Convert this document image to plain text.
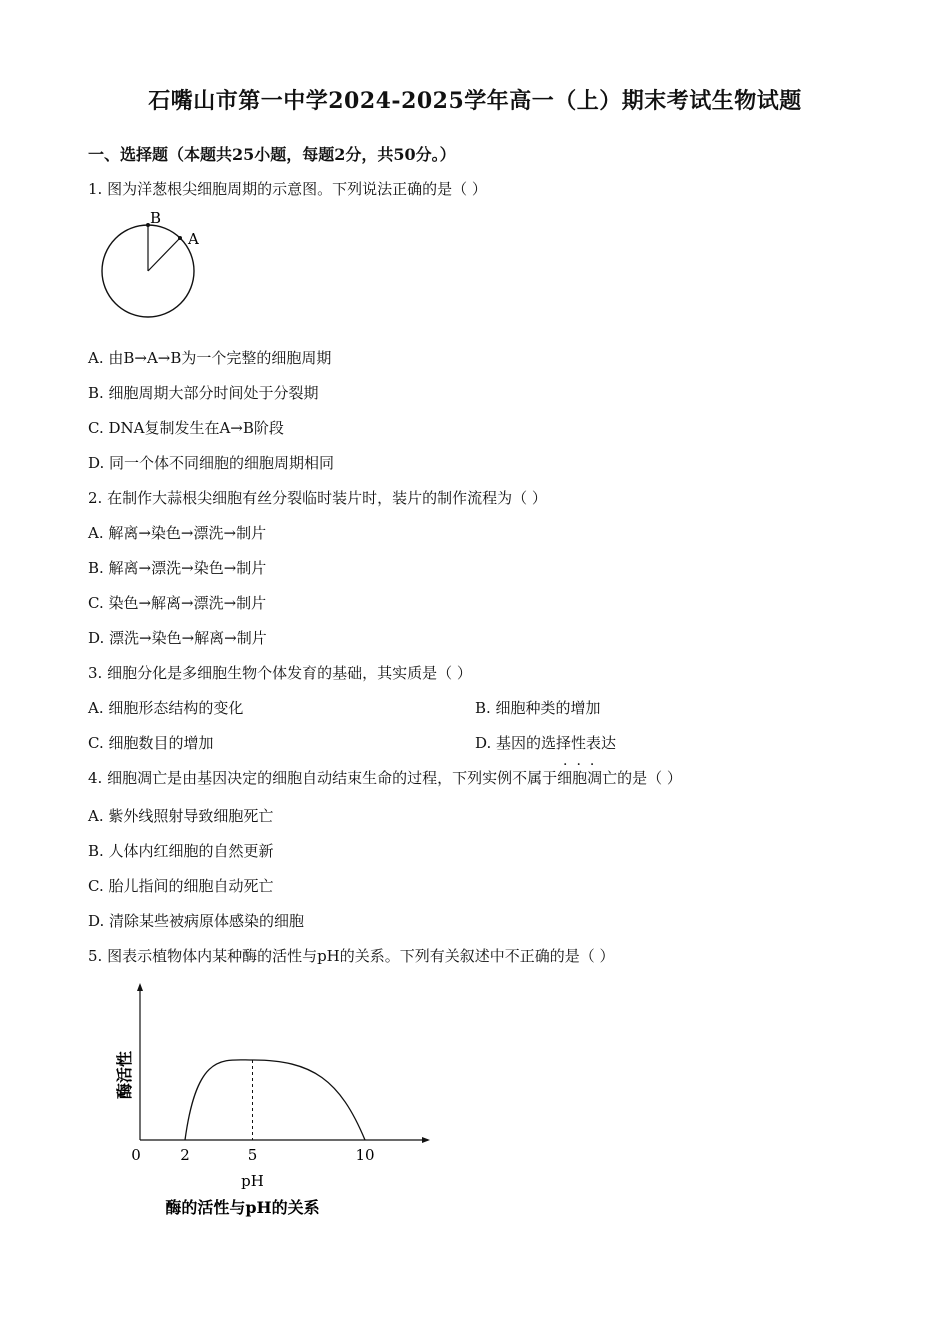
石嘴山市第一中学2024-2025学年高一（上）期末考试生物试题
一、选择题（本题共25小题，每题2分，共50分。）
1. 图为洋葱根尖细胞周期的示意图。下列说法正确的是（ ）
B
A
A. 由B→A→B为一个完整的细胞周期
B. 细胞周期大部分时间处于分裂期
C. DNA复制发生在A→B阶段
D. 同一个体不同细胞的细胞周期相同
2. 在制作大蒜根尖细胞有丝分裂临时装片时，装片的制作流程为（ ）
A. 解离→染色→漂洗→制片
B. 解离→漂洗→染色→制片
C. 染色→解离→漂洗→制片
D. 漂洗→染色→解离→制片
3. 细胞分化是多细胞生物个体发育的基础，其实质是（ ）
A. 细胞形态结构的变化	B. 细胞种类的增加
C. 细胞数目的增加	D. 基因的选择性表达
···
4. 细胞凋亡是由基因决定的细胞自动结束生命的过程，下列实例不属于细胞凋亡的是（ ）
A. 紫外线照射导致细胞死亡
B. 人体内红细胞的自然更新
C. 胎儿指间的细胞自动死亡
D. 清除某些被病原体感染的细胞
5. 图表示植物体内某种酶的活性与pH的关系。下列有关叙述中不正确的是（ ）
0	2	5	10
pH
酶活性
酶的活性与pH的关系
